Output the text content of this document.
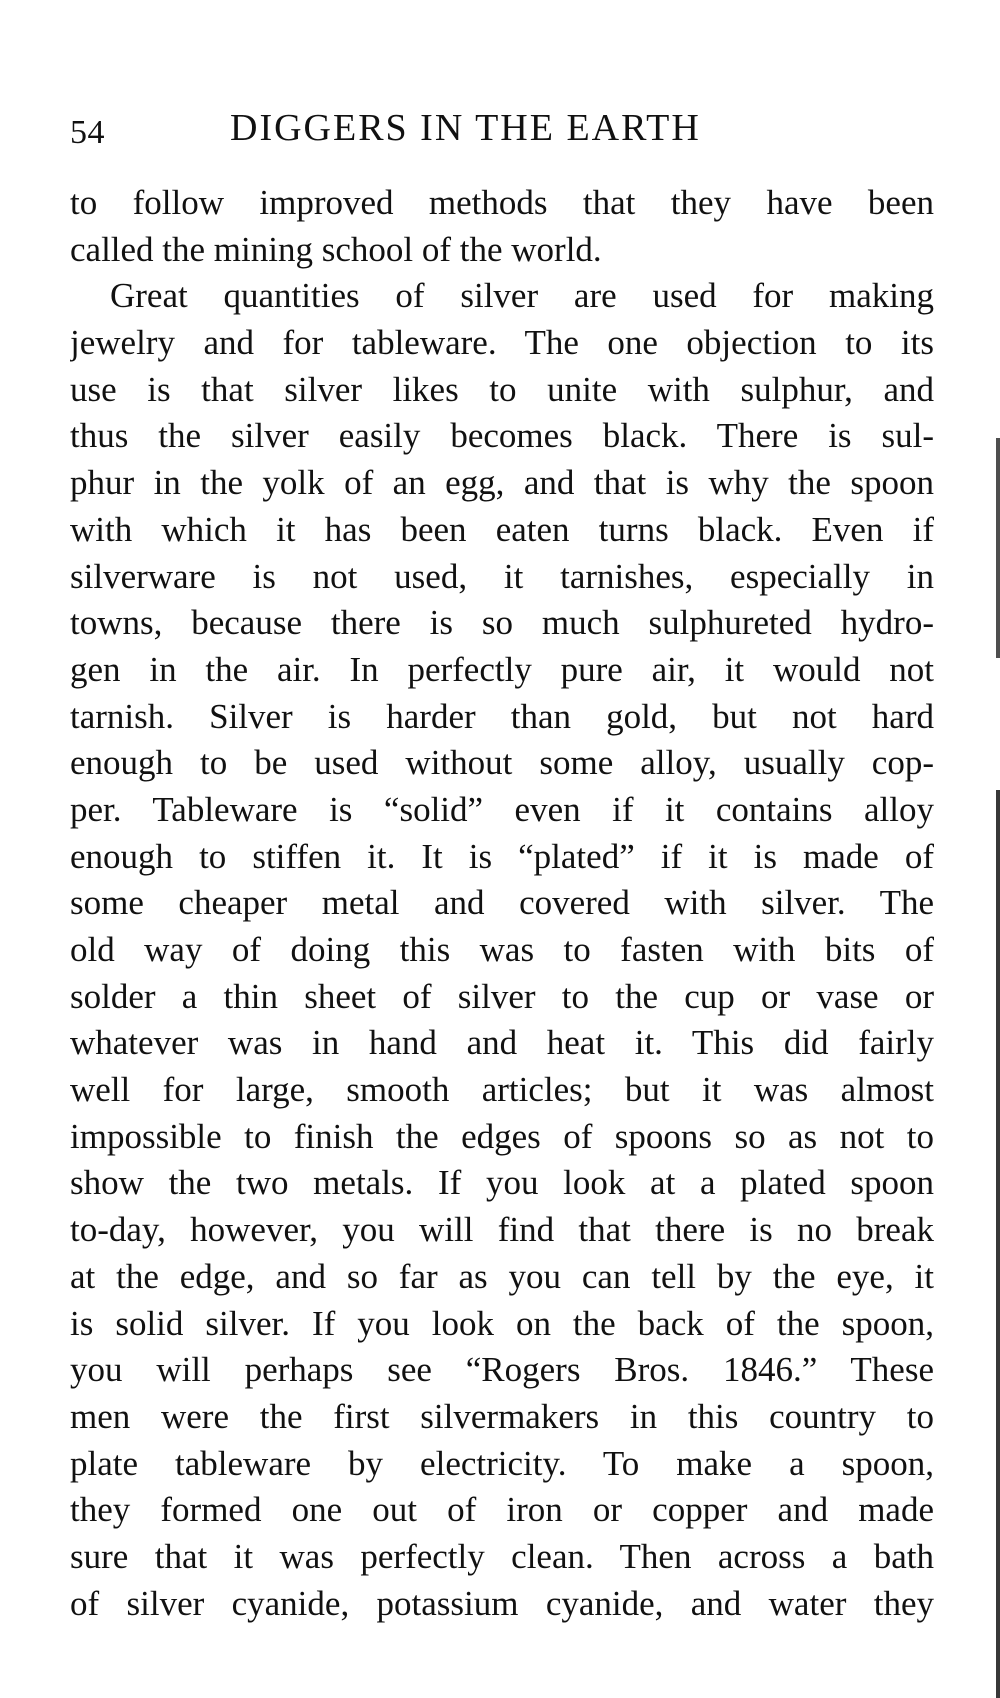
54	DIGGERS IN THE EARTH
to follow improved methods that they have been
called the mining school of the world.
Great quantities of silver are used for making
jewelry and for tableware. The one objection to its
use is that silver likes to unite with sulphur, and
thus the silver easily becomes black. There is sul-
phur in the yolk of an egg, and that is why the spoon
with which it has been eaten turns black. Even if
silverware is not used, it tarnishes, especially in
towns, because there is so much sulphureted hydro-
gen in the air. In perfectly pure air, it would not
tarnish. Silver is harder than gold, but not hard
enough to be used without some alloy, usually cop-
per. Tableware is “solid” even if it contains alloy
enough to stiffen it. It is “plated” if it is made of
some cheaper metal and covered with silver. The
old way of doing this was to fasten with bits of
solder a thin sheet of silver to the cup or vase or
whatever was in hand and heat it. This did fairly
well for large, smooth articles; but it was almost
impossible to finish the edges of spoons so as not to
show the two metals. If you look at a plated spoon
to-day, however, you will find that there is no break
at the edge, and so far as you can tell by the eye, it
is solid silver. If you look on the back of the spoon,
you will perhaps see “Rogers Bros. 1846.” These
men were the first silvermakers in this country to
plate tableware by electricity. To make a spoon,
they formed one out of iron or copper and made
sure that it was perfectly clean. Then across a bath
of silver cyanide, potassium cyanide, and water they
